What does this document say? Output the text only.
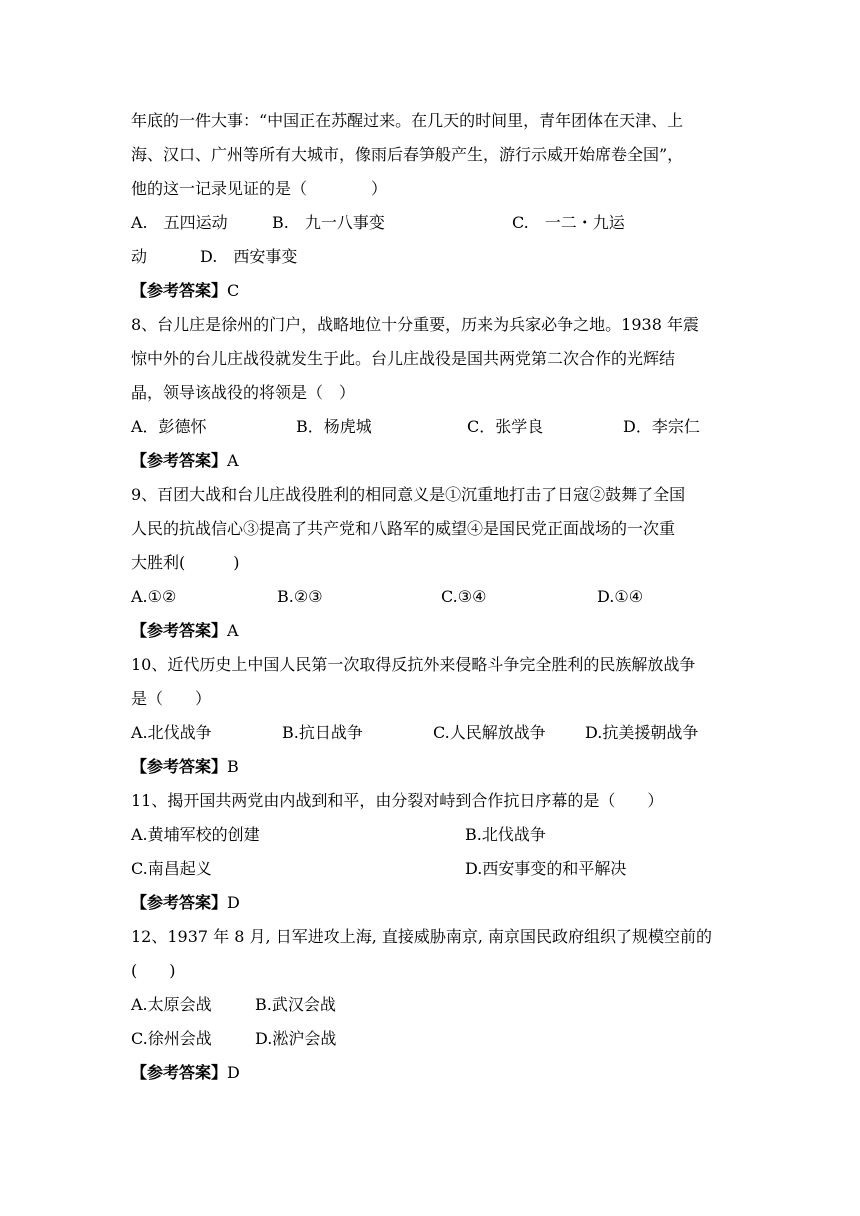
年底的一件大事：“中国正在苏醒过来。在几天的时间里，青年团体在天津、上
海、汉口、广州等所有大城市，像雨后春笋般产生，游行示威开始席卷全国”，
他的这一记录见证的是（　　　　）
A.　五四运动	B.　九一八事变	C.　一二・九运
动	D.　西安事变
【参考答案】C
8、台儿庄是徐州的门户，战略地位十分重要，历来为兵家必争之地。1938 年震
惊中外的台儿庄战役就发生于此。台儿庄战役是国共两党第二次合作的光辉结
晶，领导该战役的将领是（　）
A．彭德怀	B．杨虎城	C．张学良	D．李宗仁
【参考答案】A
9、百团大战和台儿庄战役胜利的相同意义是①沉重地打击了日寇②鼓舞了全国
人民的抗战信心③提高了共产党和八路军的威望④是国民党正面战场的一次重
大胜利(　　　)
A.①②	B.②③	C.③④	D.①④
【参考答案】A
10、近代历史上中国人民第一次取得反抗外来侵略斗争完全胜利的民族解放战争
是（　　）
A.北伐战争	B.抗日战争	C.人民解放战争 D.抗美援朝战争
【参考答案】B
11、揭开国共两党由内战到和平，由分裂对峙到合作抗日序幕的是（　　）
A.黄埔军校的创建	B.北伐战争
C.南昌起义	D.西安事变的和平解决
【参考答案】D
12、1937 年 8 月, 日军进攻上海, 直接威胁南京, 南京国民政府组织了规模空前的
(　　)
A.太原会战	B.武汉会战
C.徐州会战	D.淞沪会战
【参考答案】D
